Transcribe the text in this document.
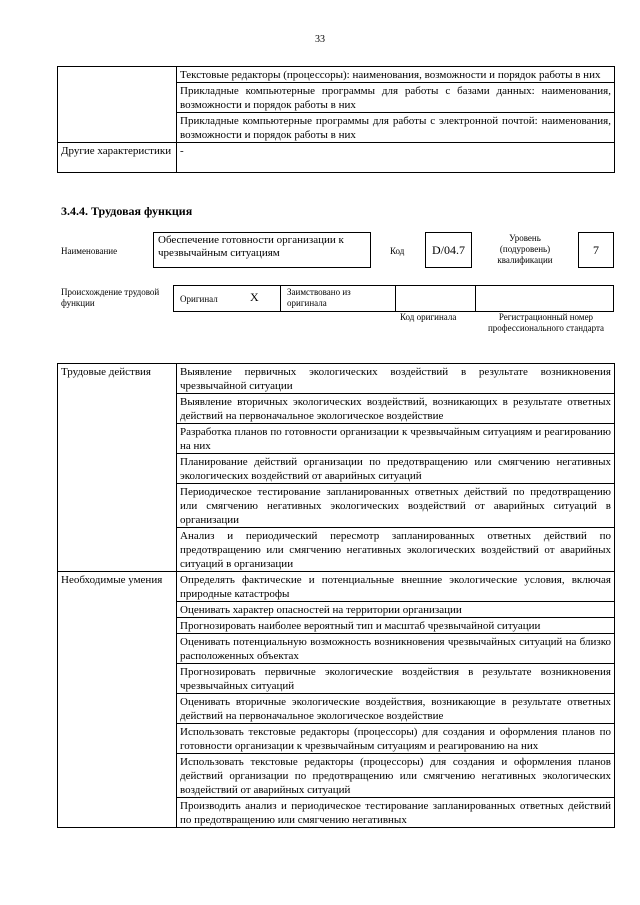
33
	Текстовые редакторы (процессоры): наименования, возможности и порядок работы в них
	Прикладные компьютерные программы для работы с базами данных: наименования, возможности и порядок работы в них
	Прикладные компьютерные программы для работы с электронной почтой: наименования, возможности и порядок работы в них
Другие характеристики	-
3.4.4. Трудовая функция
Наименование
Обеспечение готовности организации к чрезвычайным ситуациям	Код	D/04.7
Уровень (подуровень) квалификации
7
Происхождение трудовой функции	Оригинал	X	Заимствовано из оригинала
Код оригинала	Регистрационный номер профессионального стандарта
Трудовые действия	Выявление первичных экологических воздействий в результате возникновения чрезвычайной ситуации
	Выявление вторичных экологических воздействий, возникающих в результате ответных действий на первоначальное экологическое воздействие
	Разработка планов по готовности организации к чрезвычайным ситуациям и реагированию на них
	Планирование действий организации по предотвращению или смягчению негативных экологических воздействий от аварийных ситуаций
	Периодическое тестирование запланированных ответных действий по предотвращению или смягчению негативных экологических воздействий от аварийных ситуаций в организации
	Анализ и периодический пересмотр запланированных ответных действий по предотвращению или смягчению негативных экологических воздействий от аварийных ситуаций в организации
Необходимые умения	Определять фактические и потенциальные внешние экологические условия, включая природные катастрофы
	Оценивать характер опасностей на территории организации
	Прогнозировать наиболее вероятный тип и масштаб чрезвычайной ситуации
	Оценивать потенциальную возможность возникновения чрезвычайных ситуаций на близко расположенных объектах
	Прогнозировать первичные экологические воздействия в результате возникновения чрезвычайных ситуаций
	Оценивать вторичные экологические воздействия, возникающие в результате ответных действий на первоначальное экологическое воздействие
	Использовать текстовые редакторы (процессоры) для создания и оформления планов по готовности организации к чрезвычайным ситуациям и реагированию на них
	Использовать текстовые редакторы (процессоры) для создания и оформления планов действий организации по предотвращению или смягчению негативных экологических воздействий от аварийных ситуаций
	Производить анализ и периодическое тестирование запланированных ответных действий по предотвращению или смягчению негативных
